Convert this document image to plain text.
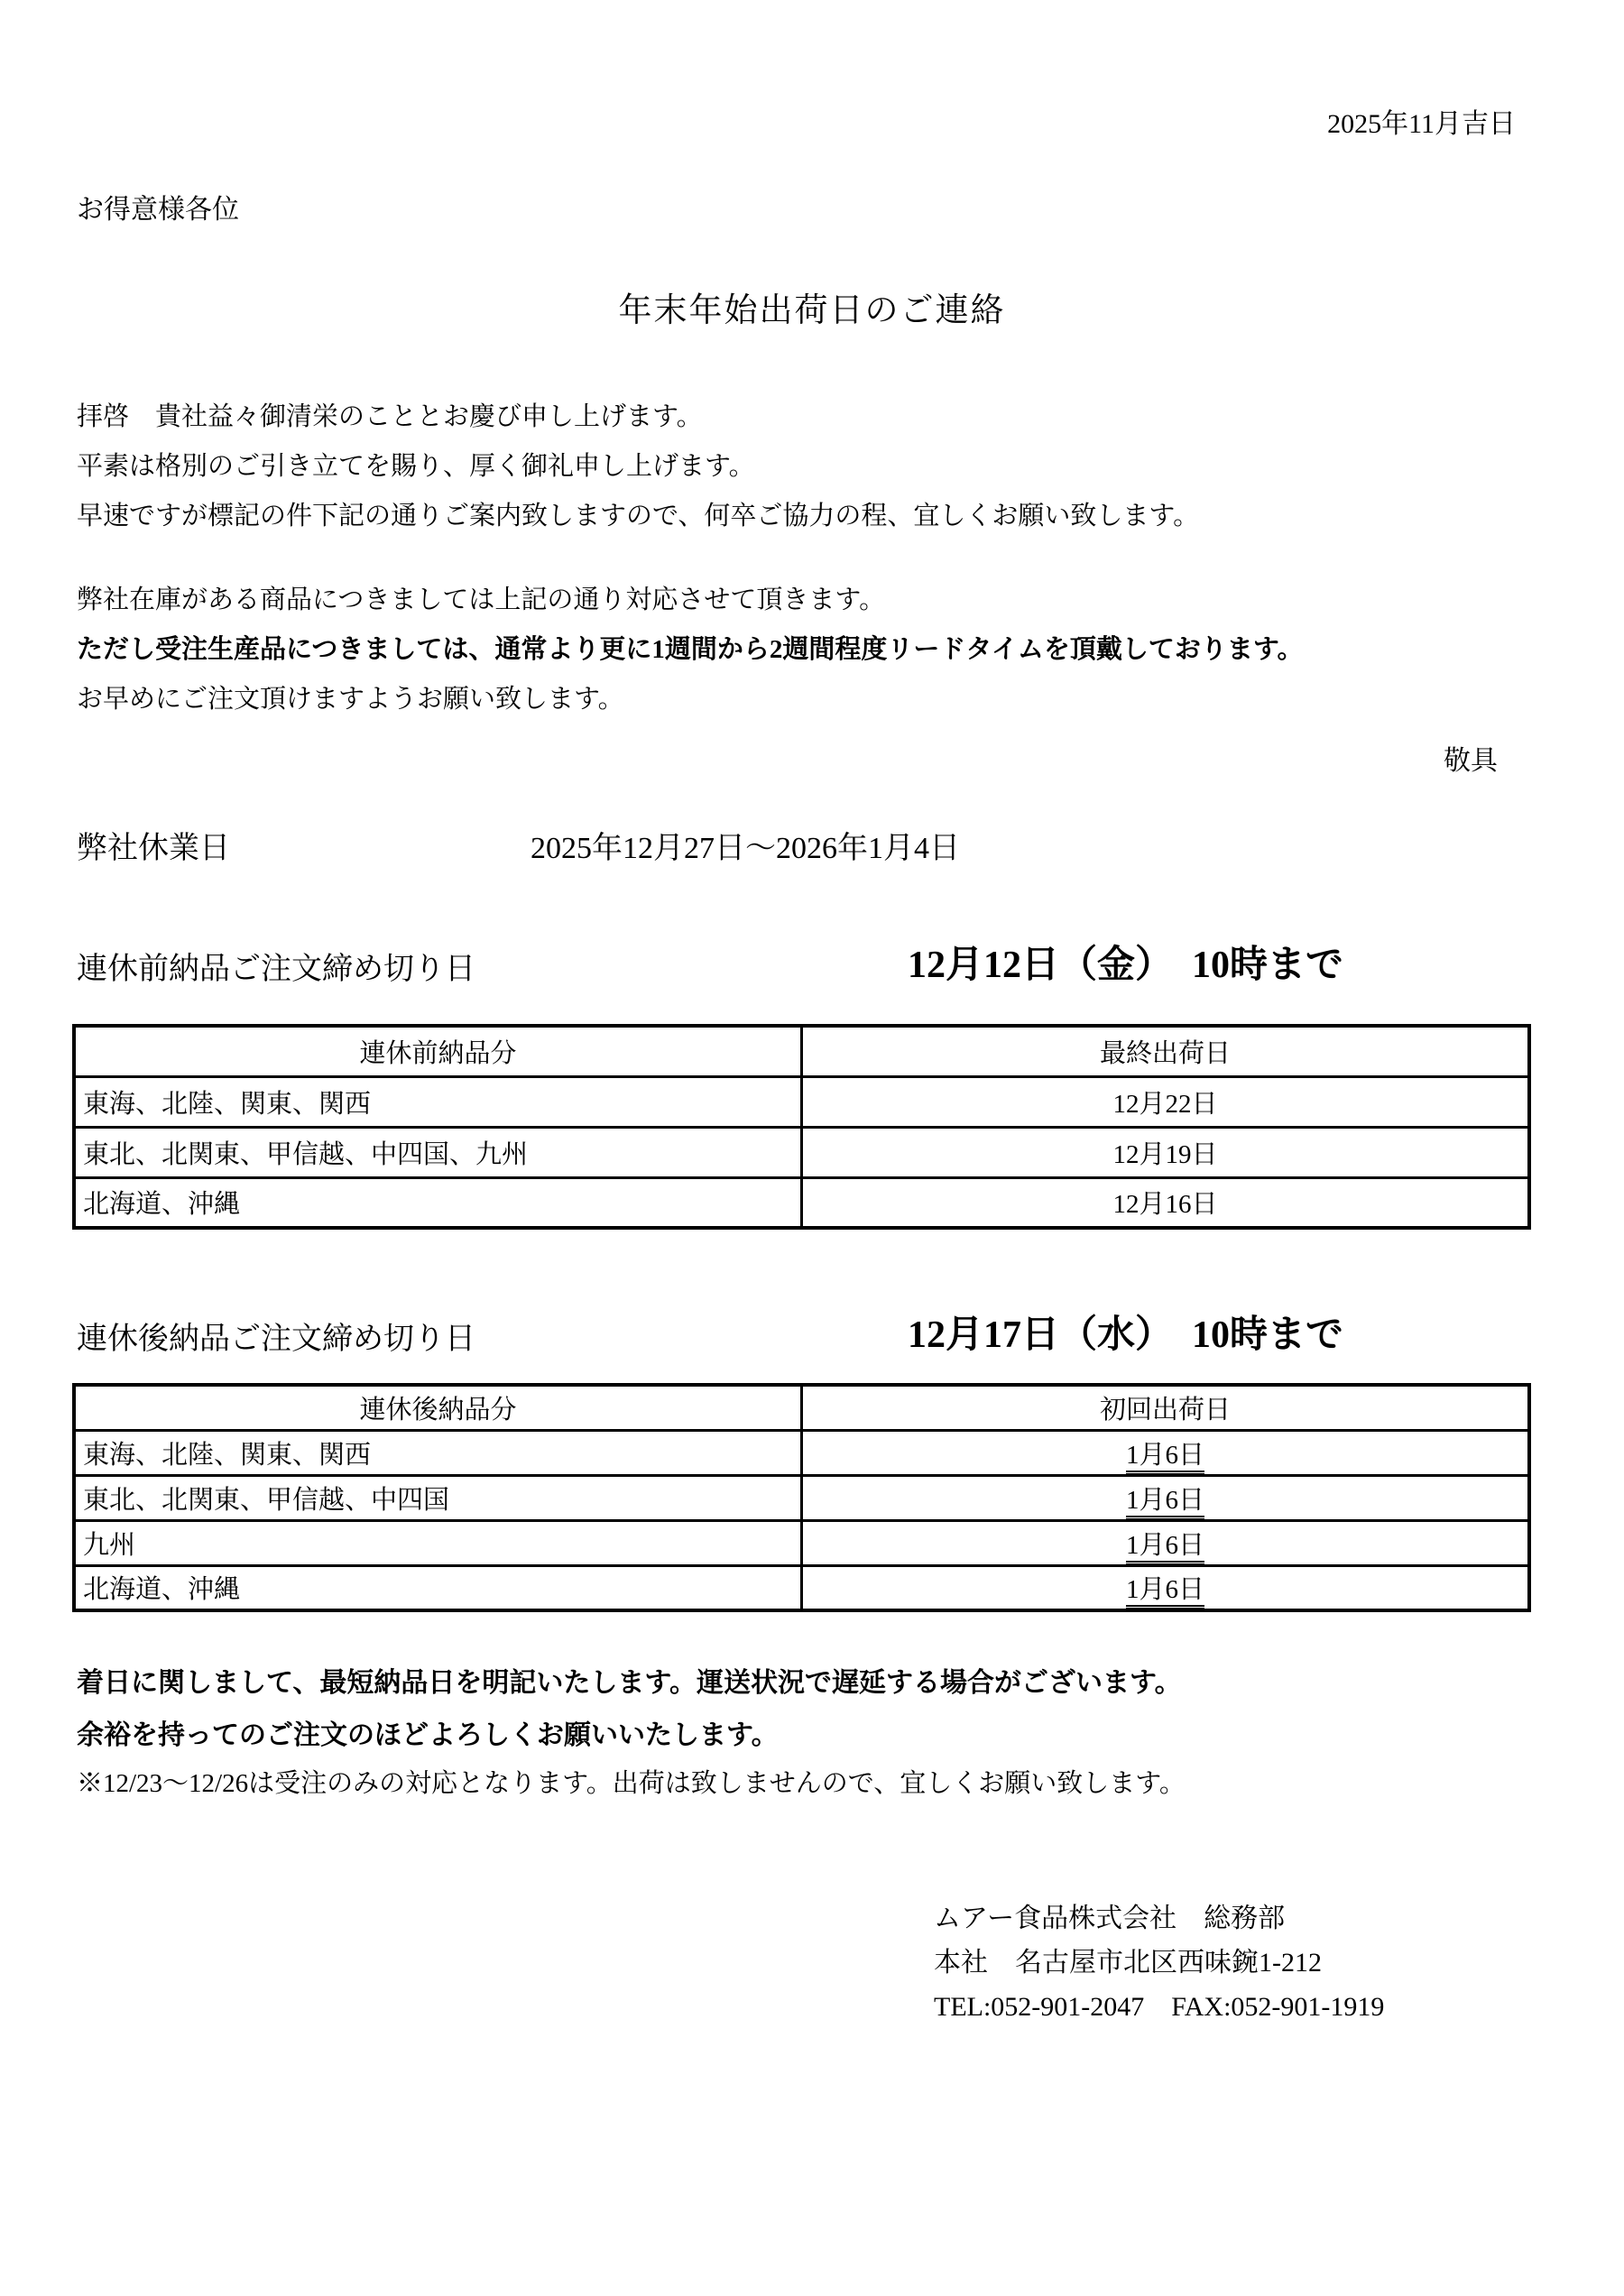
2025年11月吉日
お得意様各位
年末年始出荷日のご連絡
拝啓　貴社益々御清栄のこととお慶び申し上げます。
平素は格別のご引き立てを賜り、厚く御礼申し上げます。
早速ですが標記の件下記の通りご案内致しますので、何卒ご協力の程、宜しくお願い致します。
弊社在庫がある商品につきましては上記の通り対応させて頂きます。
ただし受注生産品につきましては、通常より更に1週間から2週間程度リードタイムを頂戴しております。
お早めにご注文頂けますようお願い致します。
敬具
弊社休業日	2025年12月27日～2026年1月4日
連休前納品ご注文締め切り日	12月12日（金）　10時まで
連休前納品分	最終出荷日
東海、北陸、関東、関西	12月22日
東北、北関東、甲信越、中四国、九州	12月19日
北海道、沖縄	12月16日
連休後納品ご注文締め切り日	12月17日（水）　10時まで
連休後納品分	初回出荷日
東海、北陸、関東、関西	1月6日
東北、北関東、甲信越、中四国	1月6日
九州	1月6日
北海道、沖縄	1月6日
着日に関しまして、最短納品日を明記いたします。運送状況で遅延する場合がございます。
余裕を持ってのご注文のほどよろしくお願いいたします。
※12/23～12/26は受注のみの対応となります。出荷は致しませんので、宜しくお願い致します。
ムアー食品株式会社　総務部
本社　名古屋市北区西味鋺1-212
TEL:052-901-2047　FAX:052-901-1919
